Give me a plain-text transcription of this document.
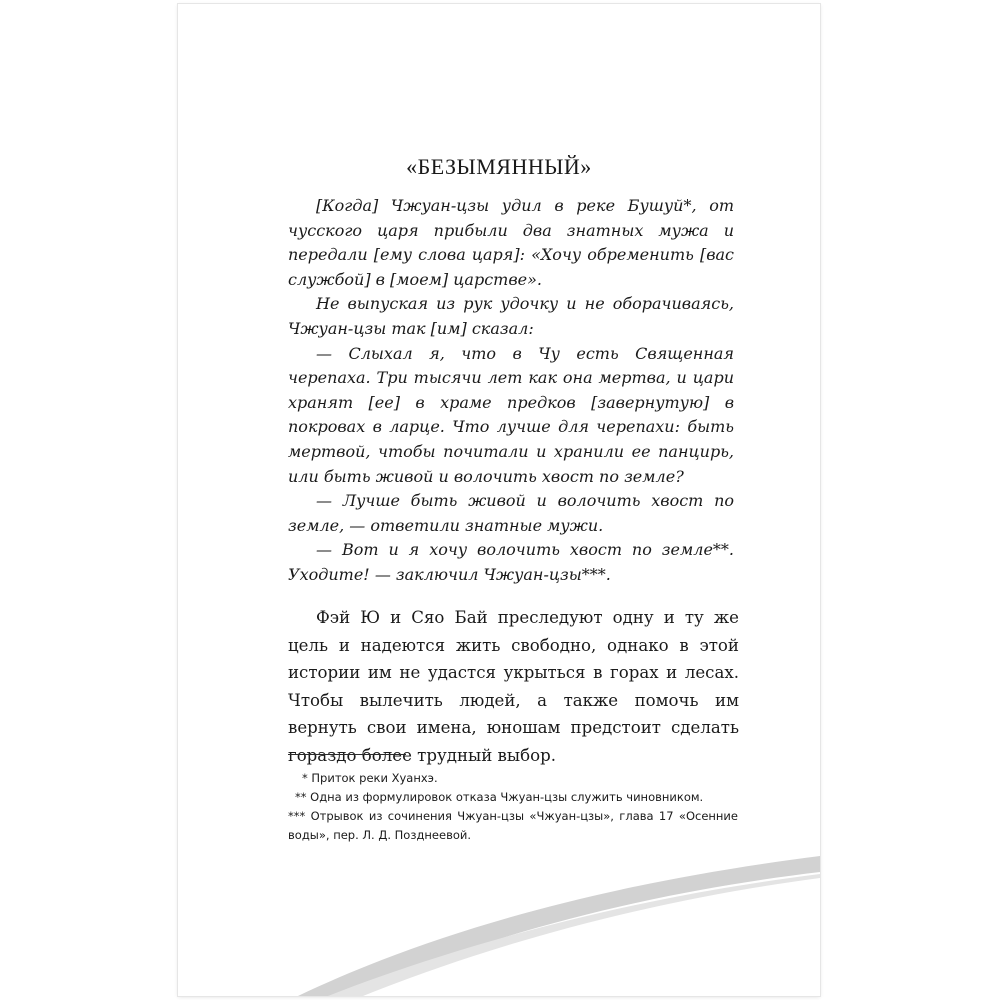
«БЕЗЫМЯННЫЙ»

[Когда] Чжуан-цзы удил в реке Бушуй*, от чусского царя прибыли два знатных мужа и передали [ему слова царя]: «Хочу обременить [вас службой] в [моем] царстве».

Не выпуская из рук удочку и не оборачиваясь, Чжуан-цзы так [им] сказал:

— Слыхал я, что в Чу есть Священная черепаха. Три тысячи лет как она мертва, и цари хранят [ее] в храме предков [завернутую] в покровах в ларце. Что лучше для черепахи: быть мертвой, чтобы почитали и хранили ее панцирь, или быть живой и волочить хвост по земле?

— Лучше быть живой и волочить хвост по земле, — ответили знатные мужи.

— Вот и я хочу волочить хвост по земле**. Уходите! — заключил Чжуан-цзы***.

Фэй Ю и Сяо Бай преследуют одну и ту же цель и надеются жить свободно, однако в этой истории им не удастся укрыться в горах и лесах. Чтобы вылечить людей, а также помочь им вернуть свои имена, юношам предстоит сделать гораздо более трудный выбор.

* Приток реки Хуанхэ.

** Одна из формулировок отказа Чжуан-цзы служить чиновником.

*** Отрывок из сочинения Чжуан-цзы «Чжуан-цзы», глава 17 «Осенние воды», пер. Л. Д. Позднеевой.
